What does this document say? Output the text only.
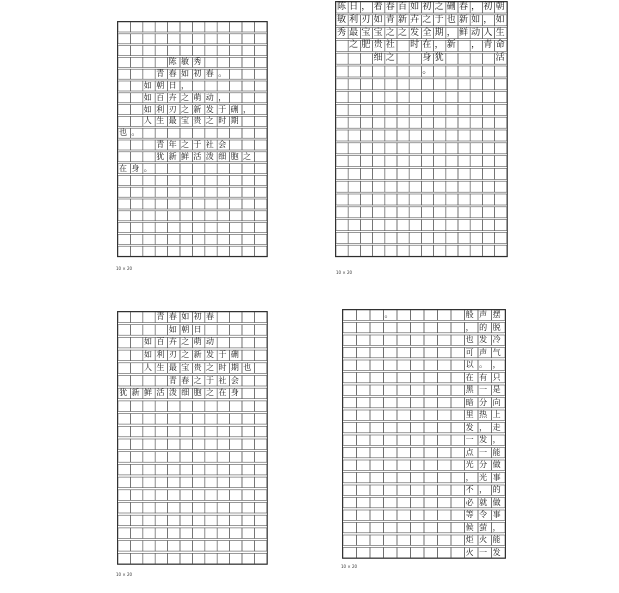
陈 敏 秀
青 春 如 初 春 。
如 朝 日 ，
如 百 卉 之 萌 动 ，
如 利 刃 之 新 发 于 硎 ，
人 生 最 宝 贵 之 时 期
也 。
青 年 之 于 社 会
犹 新 鲜 活 泼 细 胞 之
在 身 。
10 × 20
朝
如
生
命
活
初
，
人
青
，
如
动
，
春
新
鲜
硎
也
，
新
之
于
期
，
犹
初
之
全
在
身
。
如
卉
发
时
百
新
之
春
青
之
社
之
着
如
宝
贵
细
，
刃
宝
肥
日
利
最
之
陈
敏
秀
10 × 20
青 春 如 初 春
如 朝 日
如 百 卉 之 萌 动
如 利 刃 之 新 发 于 硎
人 生 最 宝 贵 之 时 期 也
青 春 之 于 社 会
犹 新 鲜 活 泼 细 胞 之 在 身
10 × 20
摆
脱
冷
气
，
只
是
向
上
走
，
能
做
事
的
做
事
，
能
发
声
的
发
声
。
有
一
分
热
，
发
一
分
光
，
就
令
萤
火
一
般
，
也
可
以
在
黑
暗
里
发
一
点
光
，
不
必
等
候
炬
火
。
10 × 20
